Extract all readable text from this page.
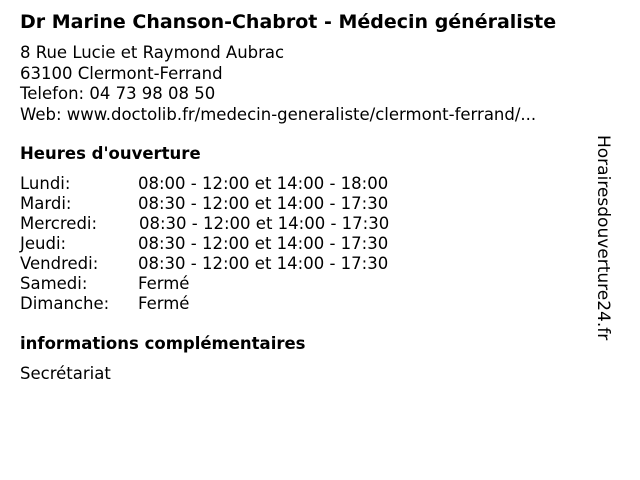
Dr Marine Chanson-Chabrot - Médecin généraliste
8 Rue Lucie et Raymond Aubrac
63100 Clermont-Ferrand
Telefon: 04 73 98 08 50
Web: www.doctolib.fr/medecin-generaliste/clermont-ferrand/...
Heures d'ouverture
Lundi:	08:00 - 12:00 et 14:00 - 18:00
Mardi:	08:30 - 12:00 et 14:00 - 17:30
Mercredi:	08:30 - 12:00 et 14:00 - 17:30
Jeudi:	08:30 - 12:00 et 14:00 - 17:30
Vendredi: 08:30 - 12:00 et 14:00 - 17:30
Samedi:	Fermé
Dimanche: Fermé
informations complémentaires
Secrétariat
Horairesdouverture24.fr
